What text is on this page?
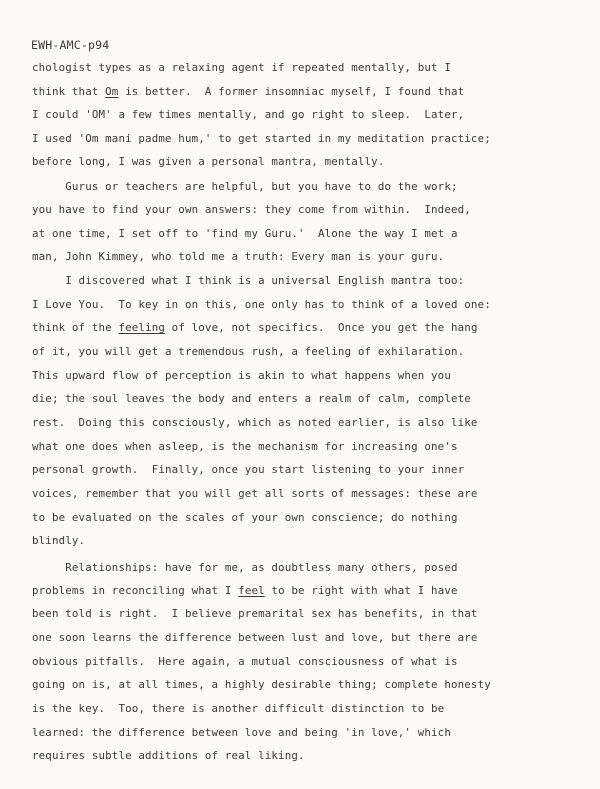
EWH-AMC-p94
chologist types as a relaxing agent if repeated mentally, but I
think that Om is better.  A former insomniac myself, I found that
I could 'OM' a few times mentally, and go right to sleep.  Later,
I used 'Om mani padme hum,' to get started in my meditation practice;
before long, I was given a personal mantra, mentally.
Gurus or teachers are helpful, but you have to do the work;
you have to find your own answers: they come from within.  Indeed,
at one time, I set off to 'find my Guru.'  Alone the way I met a
man, John Kimmey, who told me a truth: Every man is your guru.
I discovered what I think is a universal English mantra too:
I Love You.  To key in on this, one only has to think of a loved one:
think of the feeling of love, not specifics.  Once you get the hang
of it, you will get a tremendous rush, a feeling of exhilaration.
This upward flow of perception is akin to what happens when you
die; the soul leaves the body and enters a realm of calm, complete
rest.  Doing this consciously, which as noted earlier, is also like
what one does when asleep, is the mechanism for increasing one's
personal growth.  Finally, once you start listening to your inner
voices, remember that you will get all sorts of messages: these are
to be evaluated on the scales of your own conscience; do nothing
blindly.
Relationships: have for me, as doubtless many others, posed
problems in reconciling what I feel to be right with what I have
been told is right.  I believe premarital sex has benefits, in that
one soon learns the difference between lust and love, but there are
obvious pitfalls.  Here again, a mutual consciousness of what is
going on is, at all times, a highly desirable thing; complete honesty
is the key.  Too, there is another difficult distinction to be
learned: the difference between love and being 'in love,' which
requires subtle additions of real liking.
